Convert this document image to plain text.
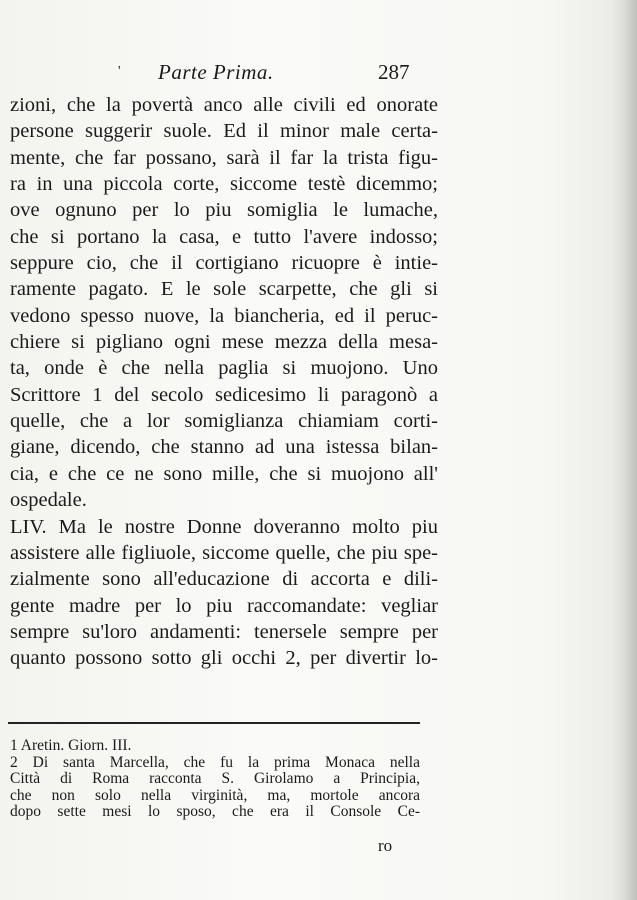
' Parte Prima.	287
zioni, che la povertà anco alle civili ed onorate
persone suggerir suole. Ed il minor male certa-
mente, che far possano, sarà il far la trista figu-
ra in una piccola corte, siccome testè dicemmo;
ove ognuno per lo piu somiglia le lumache,
che si portano la casa, e tutto l'avere indosso;
seppure cio, che il cortigiano ricuopre è intie-
ramente pagato. E le sole scarpette, che gli si
vedono spesso nuove, la biancheria, ed il peruc-
chiere si pigliano ogni mese mezza della mesa-
ta, onde è che nella paglia si muojono. Uno
Scrittore 1 del secolo sedicesimo li paragonò a
quelle, che a lor somiglianza chiamiam corti-
giane, dicendo, che stanno ad una istessa bilan-
cia, e che ce ne sono mille, che si muojono all'
ospedale.
LIV. Ma le nostre Donne doveranno molto piu
assistere alle figliuole, siccome quelle, che piu spe-
zialmente sono all'educazione di accorta e dili-
gente madre per lo piu raccomandate: vegliar
sempre su'loro andamenti: tenersele sempre per
quanto possono sotto gli occhi 2, per divertir lo-
1 Aretin. Giorn. III.
2 Di santa Marcella, che fu la prima Monaca nella
Città di Roma racconta S. Girolamo a Principia,
che non solo nella virginità, ma, mortole ancora
dopo sette mesi lo sposo, che era il Console Ce-
ro
